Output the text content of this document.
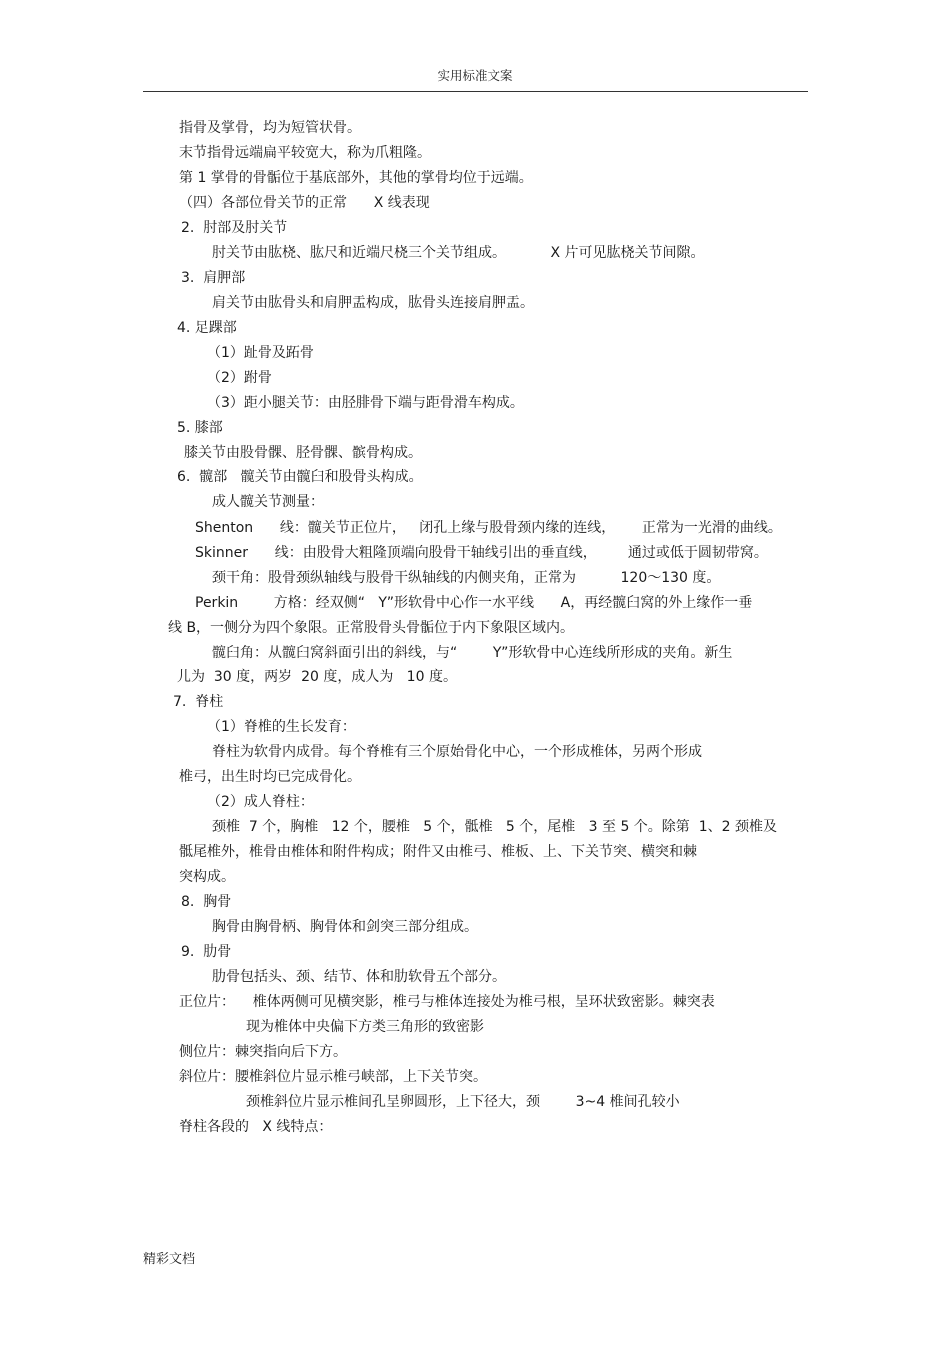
实用标准文案
指骨及掌骨，均为短管状骨。
末节指骨远端扁平较宽大，称为爪粗隆。
第 1 掌骨的骨骺位于基底部外，其他的掌骨均位于远端。
（四）各部位骨关节的正常      X 线表现
2.  肘部及肘关节
肘关节由肱桡、肱尺和近端尺桡三个关节组成。          X 片可见肱桡关节间隙。
3.  肩胛部
肩关节由肱骨头和肩胛盂构成，肱骨头连接肩胛盂。
4. 足踝部
（1）趾骨及跖骨
（2）跗骨
（3）距小腿关节：由胫腓骨下端与距骨滑车构成。
5. 膝部
膝关节由股骨髁、胫骨髁、髌骨构成。
6.  髋部   髋关节由髋臼和股骨头构成。
成人髋关节测量：
Shenton      线：髋关节正位片，   闭孔上缘与股骨颈内缘的连线，      正常为一光滑的曲线。
Skinner      线：由股骨大粗隆顶端向股骨干轴线引出的垂直线，       通过或低于圆韧带窝。
颈干角：股骨颈纵轴线与股骨干纵轴线的内侧夹角，正常为          120～130 度。
Perkin        方格：经双侧“   Y”形软骨中心作一水平线      A，再经髋臼窝的外上缘作一垂
线 B，一侧分为四个象限。正常股骨头骨骺位于内下象限区域内。
髋臼角：从髋臼窝斜面引出的斜线，与“        Y”形软骨中心连线所形成的夹角。新生
儿为  30 度，两岁  20 度，成人为   10 度。
7.  脊柱
（1）脊椎的生长发育：
脊柱为软骨内成骨。每个脊椎有三个原始骨化中心，一个形成椎体，另两个形成
椎弓，出生时均已完成骨化。
（2）成人脊柱：
颈椎  7 个，胸椎   12 个，腰椎   5 个，骶椎   5 个，尾椎   3 至 5 个。除第  1、2 颈椎及
骶尾椎外，椎骨由椎体和附件构成；附件又由椎弓、椎板、上、下关节突、横突和棘
突构成。
8.  胸骨
胸骨由胸骨柄、胸骨体和剑突三部分组成。
9.  肋骨
肋骨包括头、颈、结节、体和肋软骨五个部分。
正位片：    椎体两侧可见横突影，椎弓与椎体连接处为椎弓根，呈环状致密影。棘突表
现为椎体中央偏下方类三角形的致密影
侧位片：棘突指向后下方。
斜位片：腰椎斜位片显示椎弓峡部，上下关节突。
颈椎斜位片显示椎间孔呈卵圆形，上下径大，颈        3~4 椎间孔较小
脊柱各段的   X 线特点：
精彩文档
